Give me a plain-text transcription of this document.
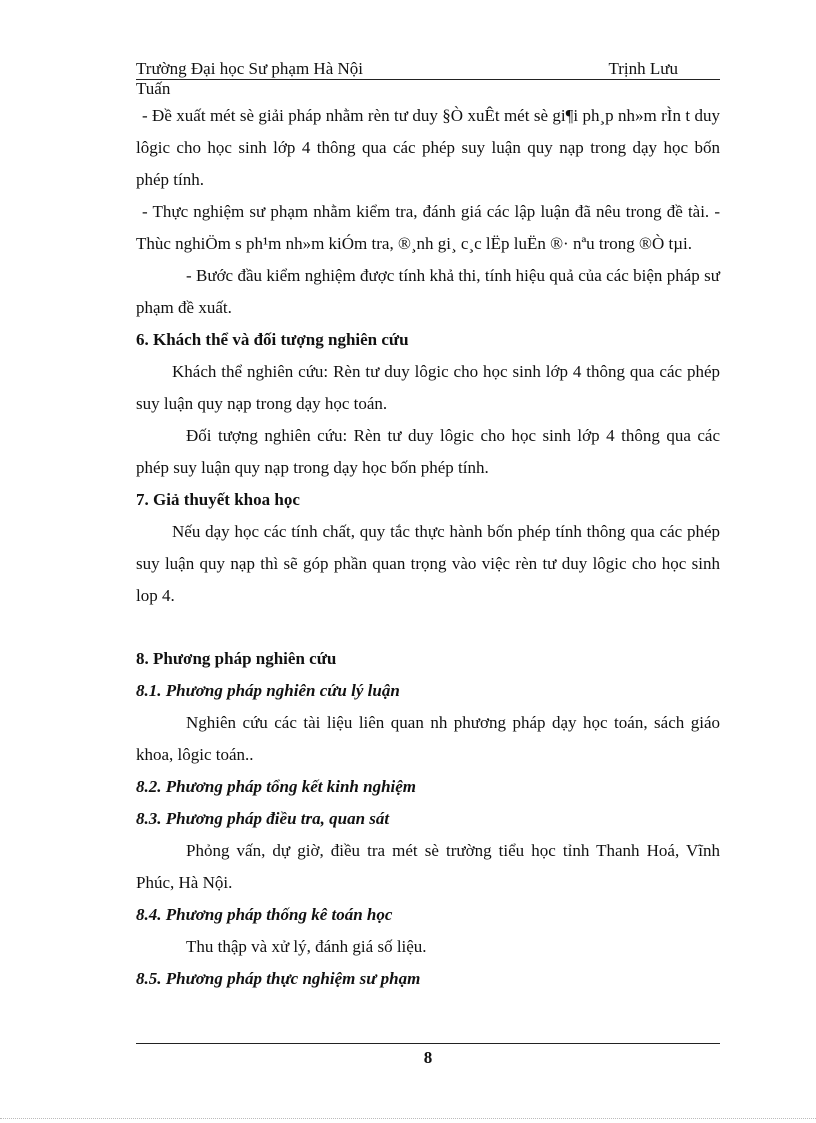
Trường Đại học Sư phạm Hà Nội	Trịnh Lưu
Tuấn

- Đề xuất mét sè giải pháp nhằm rèn tư duy §Ò xuÊt mét sè gi¶i ph¸p nh»m rÌn t duy lôgic cho học sinh lớp 4 thông qua các phép suy luận quy nạp trong dạy học bốn phép tính.

- Thực nghiệm sư phạm nhằm kiểm tra, đánh giá các lập luận đã nêu trong đề tài. - Thùc nghiÖm s ph¹m nh»m kiÓm tra, ®¸nh gi¸ c¸c lËp luËn ®· nªu trong ®Ò tµi.

- Bước đầu kiểm nghiệm được tính khả thi, tính hiệu quả của các biện pháp sư phạm đề xuất.

6. Khách thể và đối tượng nghiên cứu

Khách thể nghiên cứu: Rèn tư duy lôgic cho học sinh lớp 4 thông qua các phép suy luận quy nạp trong dạy học toán.

Đối tượng nghiên cứu: Rèn tư duy lôgic cho học sinh lớp 4 thông qua các phép suy luận quy nạp trong dạy học bốn phép tính.

7. Giả thuyết khoa học

Nếu dạy học các tính chất, quy tắc thực hành bốn phép tính thông qua các phép suy luận quy nạp thì sẽ góp phần quan trọng vào việc rèn tư duy lôgic cho học sinh lop 4.

8. Phương pháp nghiên cứu

8.1. Phương pháp nghiên cứu lý luận

Nghiên cứu các tài liệu liên quan nh phương pháp dạy học toán, sách giáo khoa, lôgic toán..

8.2. Phương pháp tổng kết kinh nghiệm

8.3. Phương pháp điều tra, quan sát

Phỏng vấn, dự giờ, điều tra mét sè trường tiểu học tỉnh Thanh Hoá, Vĩnh Phúc, Hà Nội.

8.4. Phương pháp thống kê toán học

Thu thập và xử lý, đánh giá số liệu.

8.5. Phương pháp thực nghiệm sư phạm

8
